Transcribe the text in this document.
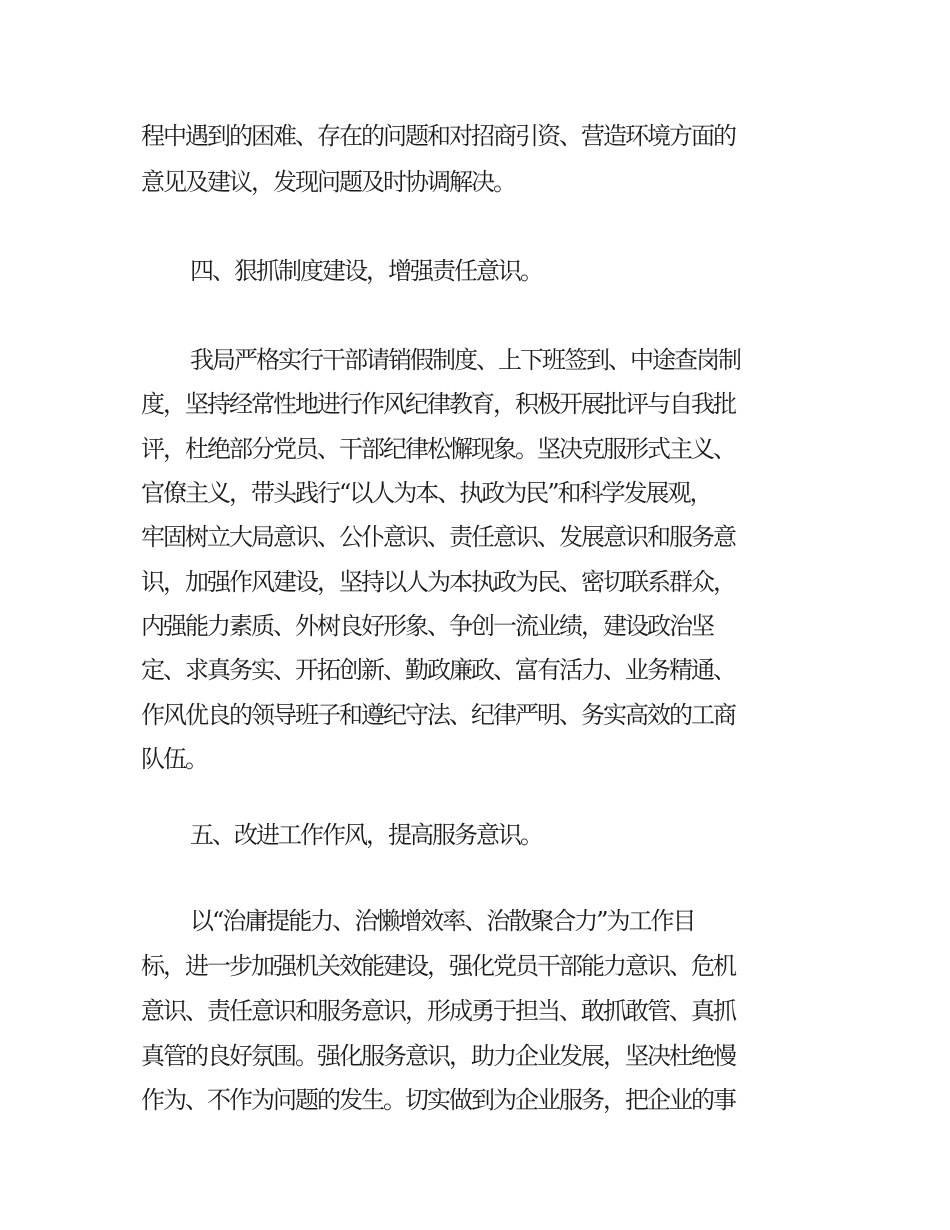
程中遇到的困难、存在的问题和对招商引资、营造环境方面的
意见及建议，发现问题及时协调解决。
四、狠抓制度建设，增强责任意识。
我局严格实行干部请销假制度、上下班签到、中途查岗制
度，坚持经常性地进行作风纪律教育，积极开展批评与自我批
评，杜绝部分党员、干部纪律松懈现象。坚决克服形式主义、
官僚主义，带头践行“以人为本、执政为民”和科学发展观，
牢固树立大局意识、公仆意识、责任意识、发展意识和服务意
识，加强作风建设，坚持以人为本执政为民、密切联系群众，
内强能力素质、外树良好形象、争创一流业绩，建设政治坚
定、求真务实、开拓创新、勤政廉政、富有活力、业务精通、
作风优良的领导班子和遵纪守法、纪律严明、务实高效的工商
队伍。
五、改进工作作风，提高服务意识。
以“治庸提能力、治懒增效率、治散聚合力”为工作目
标，进一步加强机关效能建设，强化党员干部能力意识、危机
意识、责任意识和服务意识，形成勇于担当、敢抓敢管、真抓
真管的良好氛围。强化服务意识，助力企业发展，坚决杜绝慢
作为、不作为问题的发生。切实做到为企业服务，把企业的事
